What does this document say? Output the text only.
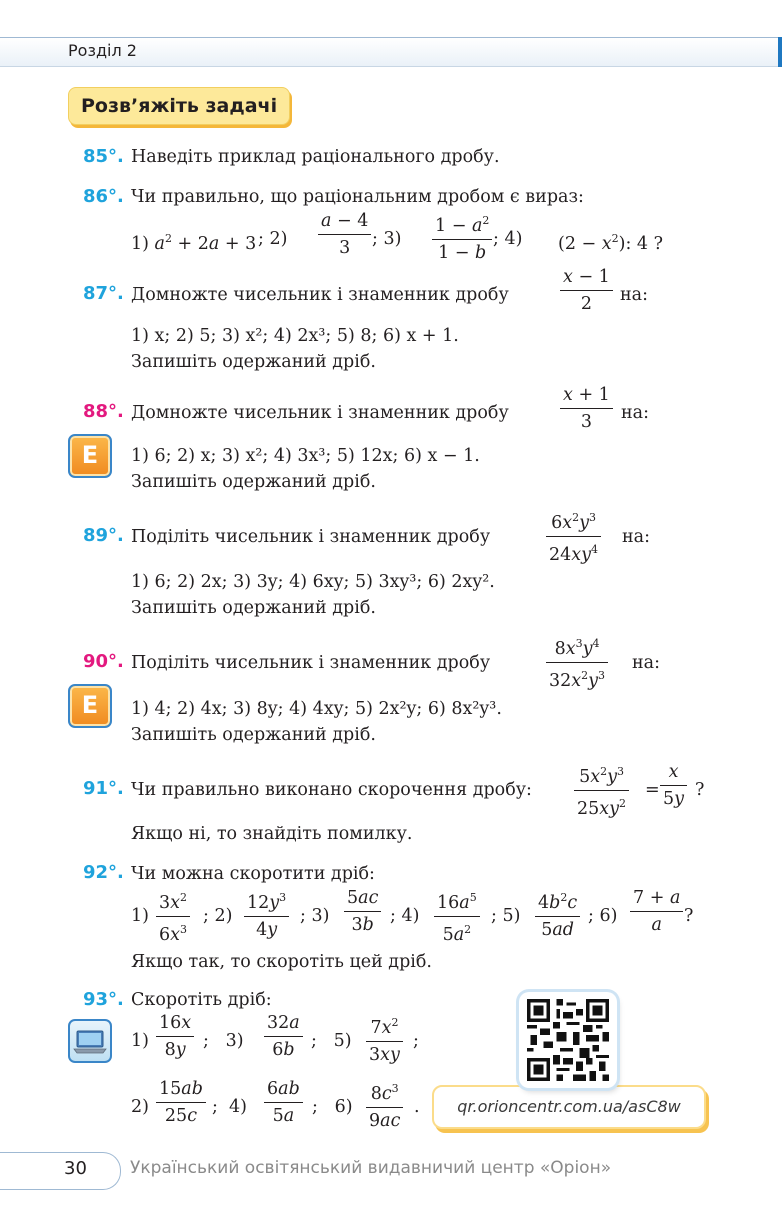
Розділ 2
Розв’яжіть задачі
85°. Наведіть приклад раціонального дробу.
86°. Чи правильно, що раціональним дробом є вираз:
1) $a^2 + 2a + 3$ ; $2) \frac{a - 4}{3}$ ; $3) \frac{1 - a^2}{1 - b}$ ; 4) $(2 - x^2)$: 4 ?
87°. Домножте чисельник і знаменник дробу	$\frac{x - 1}{2}$ на:
1) x; 2) 5; 3) x²; 4) 2x³; 5) 8; 6) x + 1.
Запишіть одержаний дріб.
88°. Домножте чисельник і знаменник дробу	$\frac{x + 1}{3}$ на:
E	1) 6; 2) x; 3) x²; 4) 3x³; 5) 12x; 6) x − 1.
Запишіть одержаний дріб.
89°. Поділіть чисельник і знаменник дробу	$\frac{6x^2y^3}{24xy^4}$ на:
1) 6; 2) 2x; 3) 3y; 4) 6xy; 5) 3xy³; 6) 2xy².
Запишіть одержаний дріб.
90°. Поділіть чисельник і знаменник дробу	$\frac{8x^3y^4}{32x^2y^3}$ на:
E	1) 4; 2) 4x; 3) 8y; 4) 4xy; 5) 2x²y; 6) 8x²y³.
Запишіть одержаний дріб.
91°. Чи правильно виконано скорочення дробу: $\frac{5x^2y^3}{25xy^2} = \frac{x}{5y}$ ?
Якщо ні, то знайдіть помилку.
92°. Чи можна скоротити дріб:
$1) \frac{3x^2}{6x^3}$ ; $2) \frac{12y^3}{4y}$ ; $3) \frac{5ac}{3b}$ ; $4) \frac{16a^5}{5a^2}$ ; $5) \frac{4b^2c}{5ad}$ ; $6) \frac{7 + a}{a}$ ?
Якщо так, то скоротіть цей дріб.
93°. Скоротіть дріб:
$1) \frac{16x}{8y}$ ;   $3) \frac{32a}{6b}$ ;   $5) \frac{7x^2}{3xy}$ ;
$2) \frac{15ab}{25c}$ ;  $4) \frac{6ab}{5a}$ ;   $6) \frac{8c^3}{9ac}$ .	qr.orioncentr.com.ua/asC8w
30	Український освітянський видавничий центр «Оріон»
